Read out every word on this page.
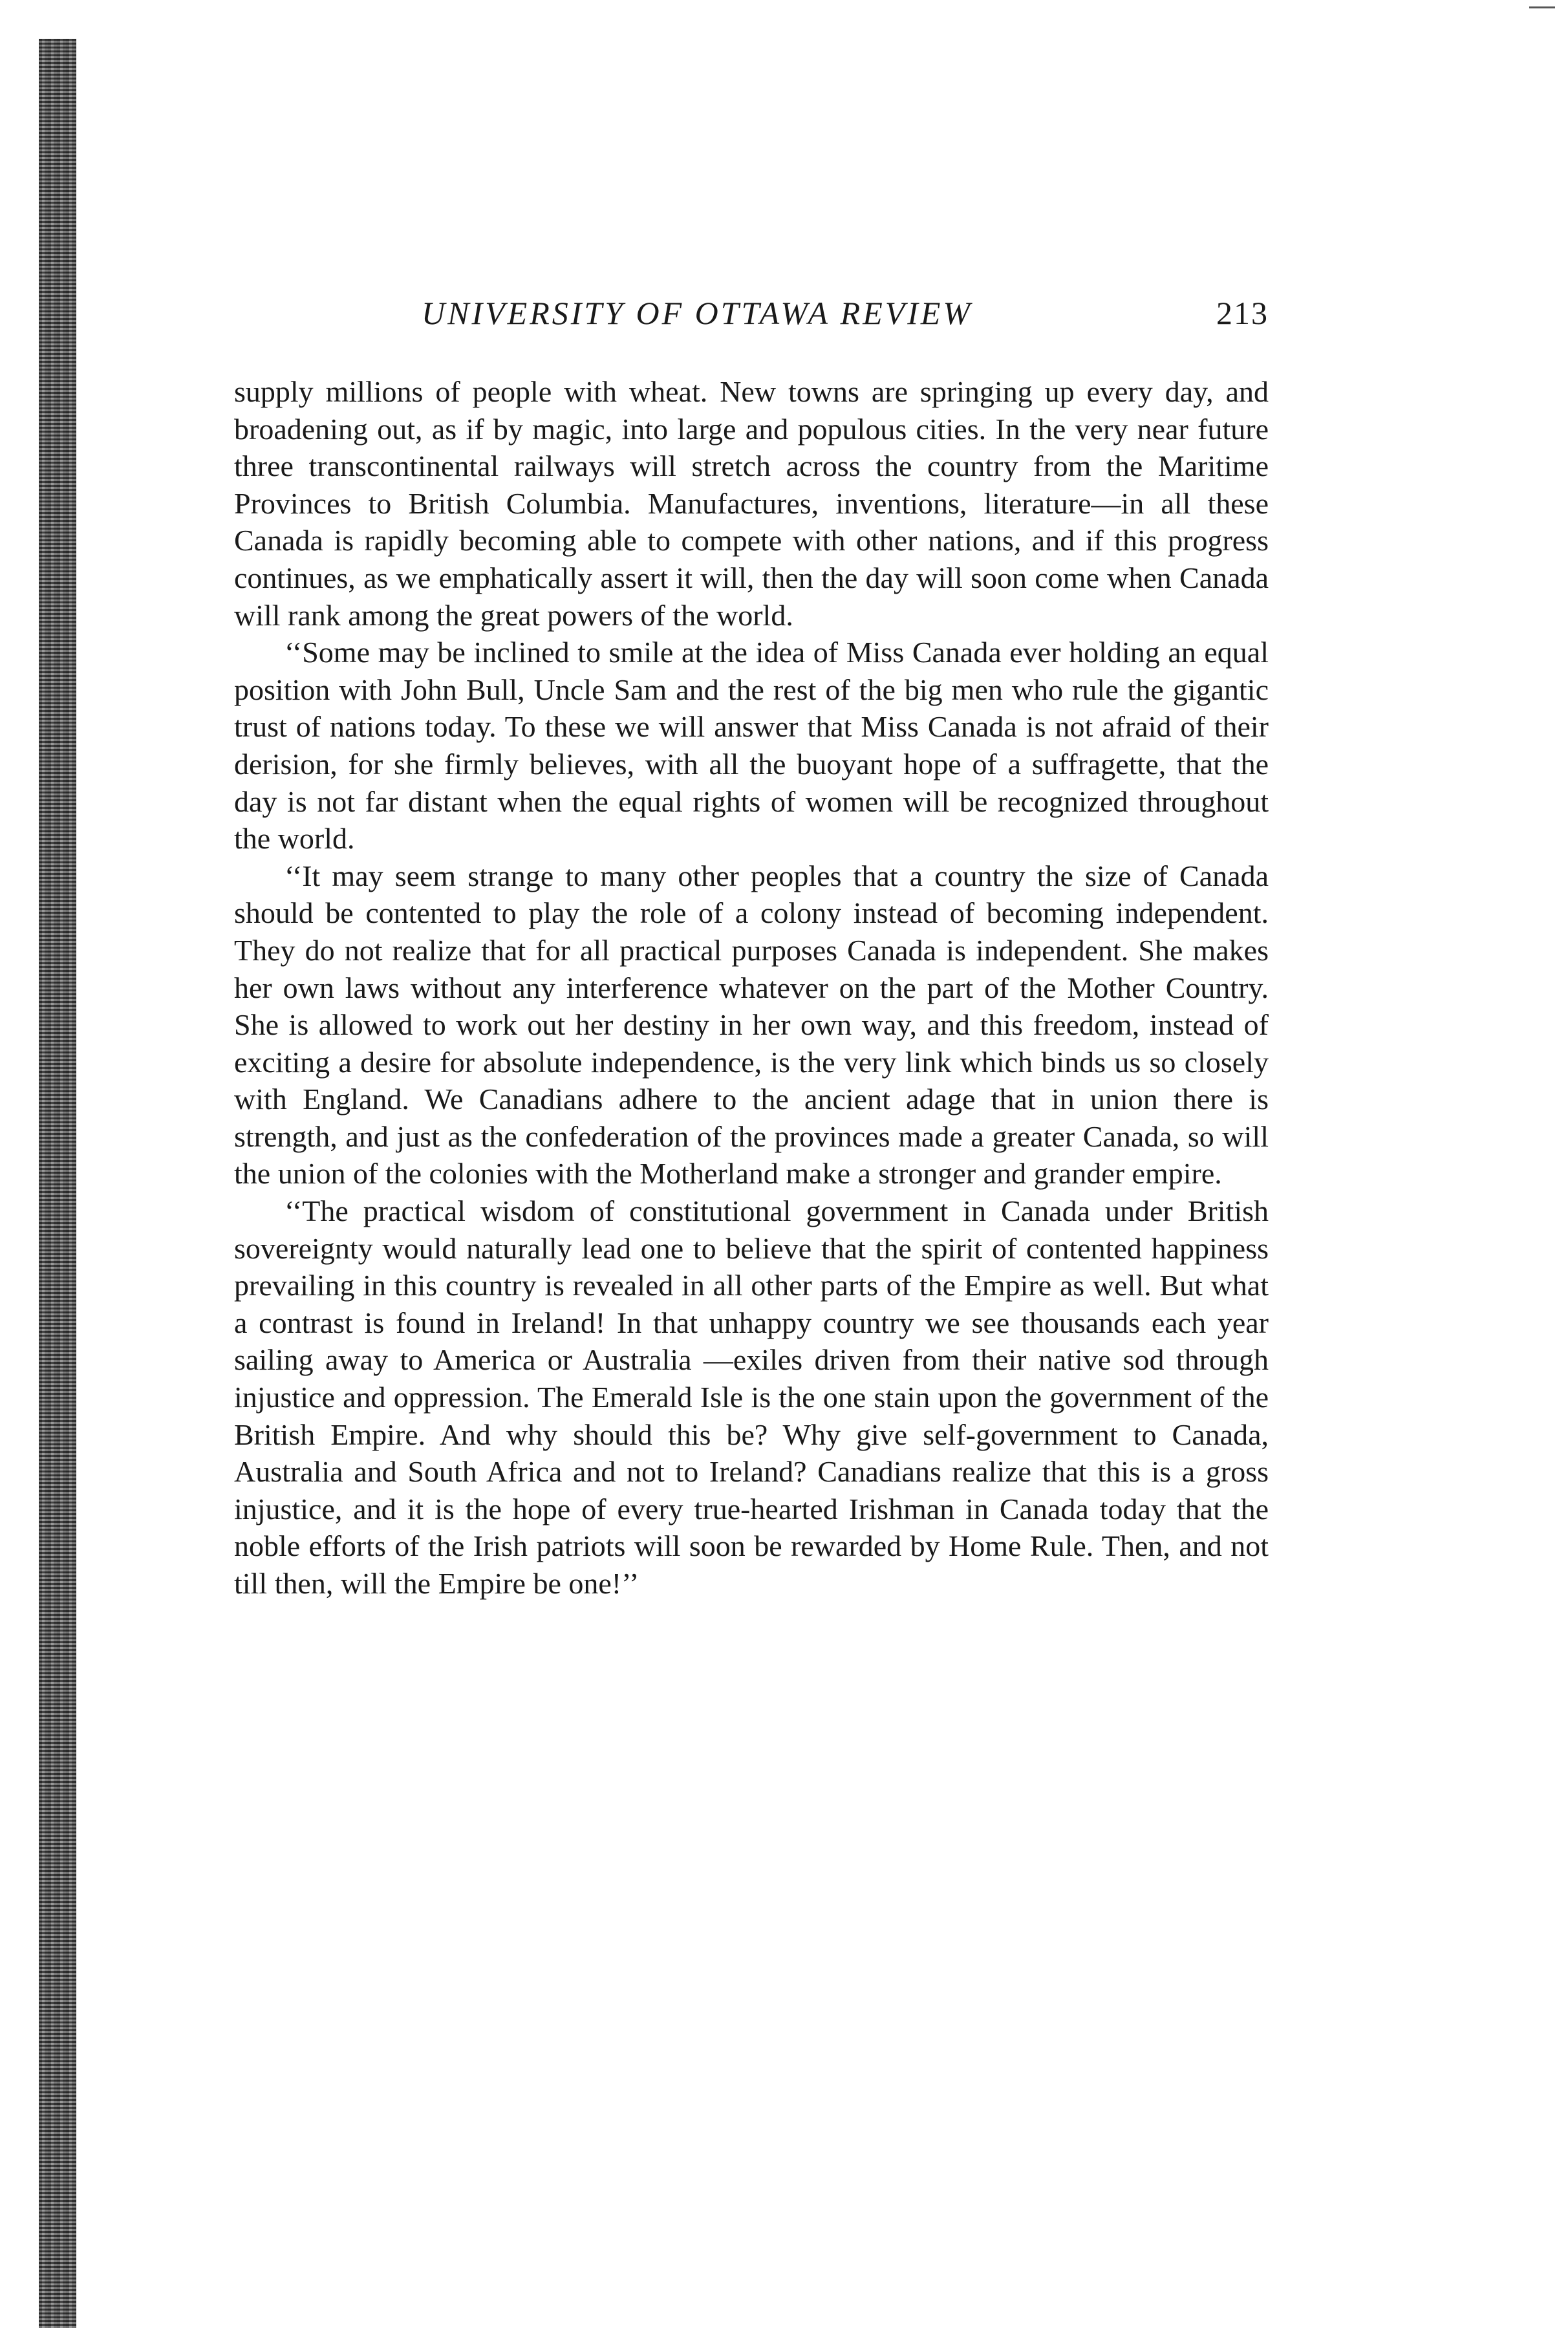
UNIVERSITY OF OTTAWA REVIEW	213

supply millions of people with wheat. New towns are springing up every day, and broadening out, as if by magic, into large and populous cities. In the very near future three transcontinental railways will stretch across the country from the Maritime Provinces to British Columbia. Manufactures, inventions, literature—in all these Canada is rapidly becoming able to compete with other nations, and if this progress continues, as we emphatically assert it will, then the day will soon come when Canada will rank among the great powers of the world.

‘‘Some may be inclined to smile at the idea of Miss Canada ever holding an equal position with John Bull, Uncle Sam and the rest of the big men who rule the gigantic trust of nations today. To these we will answer that Miss Canada is not afraid of their derision, for she firmly believes, with all the buoyant hope of a suffragette, that the day is not far distant when the equal rights of women will be recognized throughout the world.

‘‘It may seem strange to many other peoples that a country the size of Canada should be contented to play the role of a colony instead of becoming independent. They do not realize that for all practical purposes Canada is independent. She makes her own laws without any interference whatever on the part of the Mother Country. She is allowed to work out her destiny in her own way, and this freedom, instead of exciting a desire for absolute independence, is the very link which binds us so closely with England. We Canadians adhere to the ancient adage that in union there is strength, and just as the confederation of the provinces made a greater Canada, so will the union of the colonies with the Motherland make a stronger and grander empire.

‘‘The practical wisdom of constitutional government in Canada under British sovereignty would naturally lead one to believe that the spirit of contented happiness prevailing in this country is revealed in all other parts of the Empire as well. But what a contrast is found in Ireland! In that unhappy country we see thousands each year sailing away to America or Australia —exiles driven from their native sod through injustice and oppression. The Emerald Isle is the one stain upon the government of the British Empire. And why should this be? Why give self-government to Canada, Australia and South Africa and not to Ireland? Canadians realize that this is a gross injustice, and it is the hope of every true-hearted Irishman in Canada today that the noble efforts of the Irish patriots will soon be rewarded by Home Rule. Then, and not till then, will the Empire be one!’’
